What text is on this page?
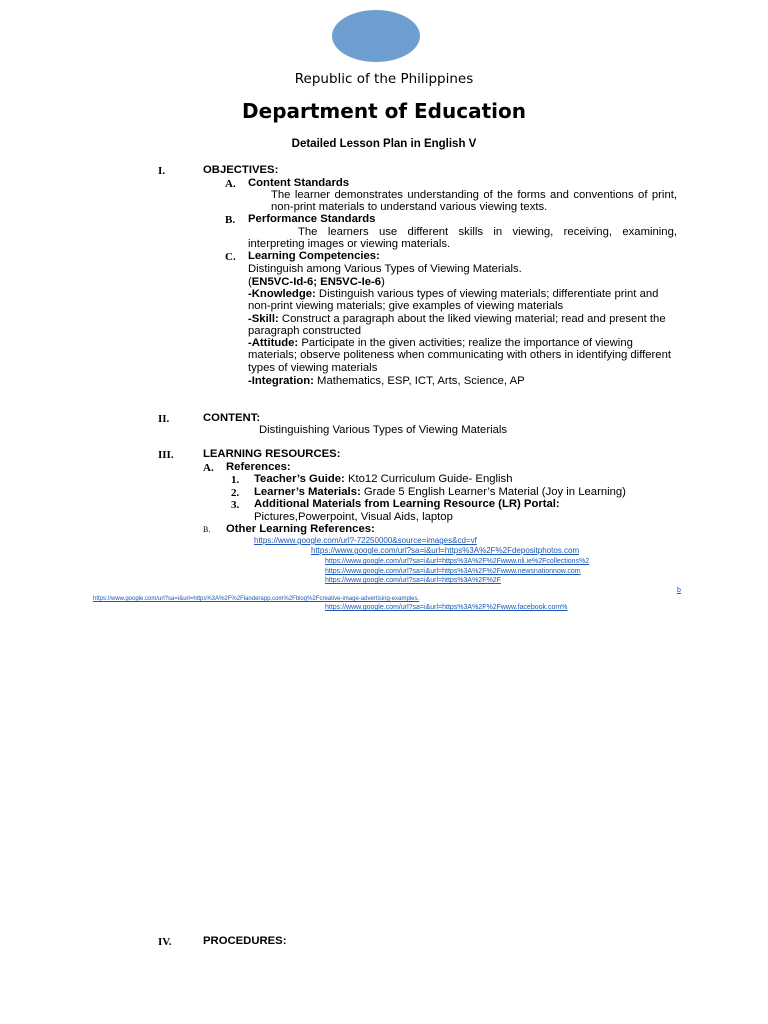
Republic of the Philippines
Department of Education
Detailed Lesson Plan in English V
I.	OBJECTIVES:
A. Content Standards
The learner demonstrates understanding of the forms and conventions of print, non-print materials to understand various viewing texts.
B. Performance Standards
The learners use different skills in viewing, receiving, examining, interpreting images or viewing materials.
C. Learning Competencies:
Distinguish among Various Types of Viewing Materials.
(EN5VC-Id-6; EN5VC-Ie-6)
-Knowledge: Distinguish various types of viewing materials; differentiate print and non-print viewing materials; give examples of viewing materials
-Skill: Construct a paragraph about the liked viewing material; read and present the paragraph constructed
-Attitude: Participate in the given activities; realize the importance of viewing materials; observe politeness when communicating with others in identifying different types of viewing materials
-Integration: Mathematics, ESP, ICT, Arts, Science, AP
II.	CONTENT:
Distinguishing Various Types of Viewing Materials
III.	LEARNING RESOURCES:
A. References:
1. Teacher’s Guide: Kto12 Curriculum Guide- English
2. Learner’s Materials: Grade 5 English Learner’s Material (Joy in Learning)
3. Additional Materials from Learning Resource (LR) Portal:
Pictures,Powerpoint, Visual Aids, laptop
B. Other Learning References:
https://www.google.com/url?-72250000&source=images&cd=vf
https://www.google.com/url?sa=i&url=https%3A%2F%2Fdepositphotos.com
https://www.google.com/url?sa=i&url=https%3A%2F%2Fwww.nli.ie%2Fcollections%2
https://www.google.com/url?sa=i&url=https%3A%2F%2Fwww.newsnationnow.com
https://www.google.com/url?sa=i&url=https%3A%2F%2F
b
https://www.google.com/url?sa=i&url=https%3A%2F%2Flanderapp.com%2Fblog%2Fcreative-image-advertising-examples.
https://www.google.com/url?sa=i&url=https%3A%2F%2Fwww.facebook.com%
IV.	PROCEDURES:
